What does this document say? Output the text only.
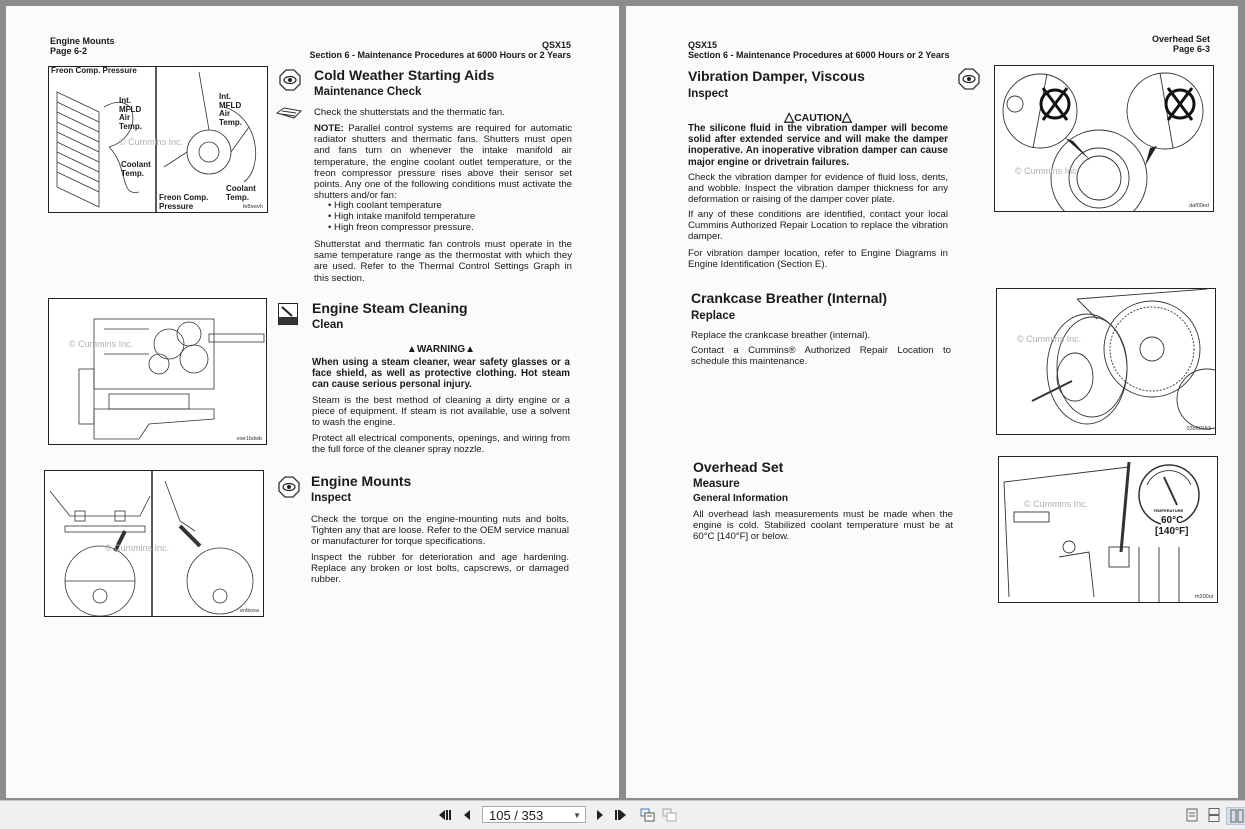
Engine Mounts
Page 6-2
QSX15
Section 6 - Maintenance Procedures at 6000 Hours or 2 Years
Freon Comp. Pressure
Int. MFLD Air Temp.
Coolant Temp.
Int. MFLD Air Temp.
Coolant Temp.
Freon Comp. Pressure
© Cummins Inc.
fe8swvh
Cold Weather Starting Aids
Maintenance Check
Check the shutterstats and the thermatic fan.
NOTE: Parallel control systems are required for automatic radiator shutters and thermatic fans. Shutters must open and fans turn on whenever the intake manifold air temperature, the engine coolant outlet temperature, or the freon compressor pressure rises above their sensor set points. Any one of the following conditions must activate the shutters and/or fan:
• High coolant temperature
• High intake manifold temperature
• High freon compressor pressure.
Shutterstat and thermatic fan controls must operate in the same temperature range as the thermostat with which they are used. Refer to the Thermal Control Settings Graph in this section.
© Cummins Inc.
ewr1bdwb
Engine Steam Cleaning
Clean
▲WARNING▲
When using a steam cleaner, wear safety glasses or a face shield, as well as protective clothing. Hot steam can cause serious personal injury.
Steam is the best method of cleaning a dirty engine or a piece of equipment. If steam is not available, use a solvent to wash the engine.
Protect all electrical components, openings, and wiring from the full force of the cleaner spray nozzle.
© Cummins Inc.
enlkosa
Engine Mounts
Inspect
Check the torque on the engine-mounting nuts and bolts. Tighten any that are loose. Refer to the OEM service manual or manufacturer for torque specifications.
Inspect the rubber for deterioration and age hardening. Replace any broken or lost bolts, capscrews, or damaged rubber.
QSX15
Section 6 - Maintenance Procedures at 6000 Hours or 2 Years
Overhead Set
Page 6-3
Vibration Damper, Viscous
Inspect
△CAUTION△
The silicone fluid in the vibration damper will become solid after extended service and will make the damper inoperative. An inoperative vibration damper can cause major engine or drivetrain failures.
Check the vibration damper for evidence of fluid loss, dents, and wobble. Inspect the vibration damper thickness for any deformation or raising of the damper cover plate.
If any of these conditions are identified, contact your local Cummins Authorized Repair Location to replace the vibration damper.
For vibration damper location, refer to Engine Diagrams in Engine Identification (Section E).
© Cummins Inc.
daf00ed
Crankcase Breather (Internal)
Replace
Replace the crankcase breather (internal).
Contact a Cummins® Authorized Repair Location to schedule this maintenance.
© Cummins Inc.
03o00153
Overhead Set
Measure
General Information
All overhead lash measurements must be made when the engine is cold. Stabilized coolant temperature must be at 60°C [140°F] or below.
TEMPERATURE
60°C
[140°F]
© Cummins Inc.
rh200ui
105 / 353	▼
